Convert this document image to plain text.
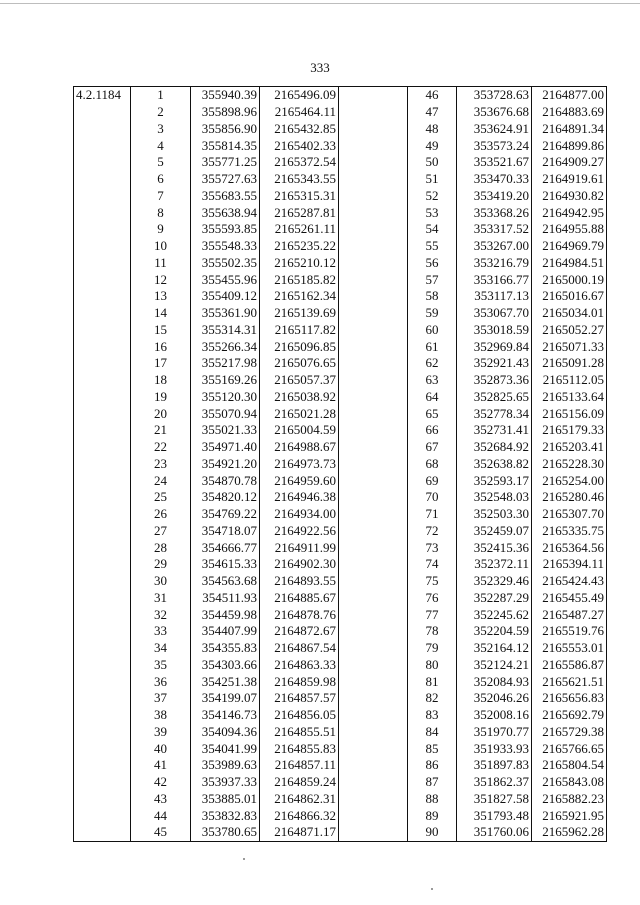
333
4.2.1184	1	355940.39	2165496.09		46	353728.63	2164877.00
	2	355898.96	2165464.11		47	353676.68	2164883.69
	3	355856.90	2165432.85		48	353624.91	2164891.34
	4	355814.35	2165402.33		49	353573.24	2164899.86
	5	355771.25	2165372.54		50	353521.67	2164909.27
	6	355727.63	2165343.55		51	353470.33	2164919.61
	7	355683.55	2165315.31		52	353419.20	2164930.82
	8	355638.94	2165287.81		53	353368.26	2164942.95
	9	355593.85	2165261.11		54	353317.52	2164955.88
	10	355548.33	2165235.22		55	353267.00	2164969.79
	11	355502.35	2165210.12		56	353216.79	2164984.51
	12	355455.96	2165185.82		57	353166.77	2165000.19
	13	355409.12	2165162.34		58	353117.13	2165016.67
	14	355361.90	2165139.69		59	353067.70	2165034.01
	15	355314.31	2165117.82		60	353018.59	2165052.27
	16	355266.34	2165096.85		61	352969.84	2165071.33
	17	355217.98	2165076.65		62	352921.43	2165091.28
	18	355169.26	2165057.37		63	352873.36	2165112.05
	19	355120.30	2165038.92		64	352825.65	2165133.64
	20	355070.94	2165021.28		65	352778.34	2165156.09
	21	355021.33	2165004.59		66	352731.41	2165179.33
	22	354971.40	2164988.67		67	352684.92	2165203.41
	23	354921.20	2164973.73		68	352638.82	2165228.30
	24	354870.78	2164959.60		69	352593.17	2165254.00
	25	354820.12	2164946.38		70	352548.03	2165280.46
	26	354769.22	2164934.00		71	352503.30	2165307.70
	27	354718.07	2164922.56		72	352459.07	2165335.75
	28	354666.77	2164911.99		73	352415.36	2165364.56
	29	354615.33	2164902.30		74	352372.11	2165394.11
	30	354563.68	2164893.55		75	352329.46	2165424.43
	31	354511.93	2164885.67		76	352287.29	2165455.49
	32	354459.98	2164878.76		77	352245.62	2165487.27
	33	354407.99	2164872.67		78	352204.59	2165519.76
	34	354355.83	2164867.54		79	352164.12	2165553.01
	35	354303.66	2164863.33		80	352124.21	2165586.87
	36	354251.38	2164859.98		81	352084.93	2165621.51
	37	354199.07	2164857.57		82	352046.26	2165656.83
	38	354146.73	2164856.05		83	352008.16	2165692.79
	39	354094.36	2164855.51		84	351970.77	2165729.38
	40	354041.99	2164855.83		85	351933.93	2165766.65
	41	353989.63	2164857.11		86	351897.83	2165804.54
	42	353937.33	2164859.24		87	351862.37	2165843.08
	43	353885.01	2164862.31		88	351827.58	2165882.23
	44	353832.83	2164866.32		89	351793.48	2165921.95
	45	353780.65	2164871.17		90	351760.06	2165962.28
